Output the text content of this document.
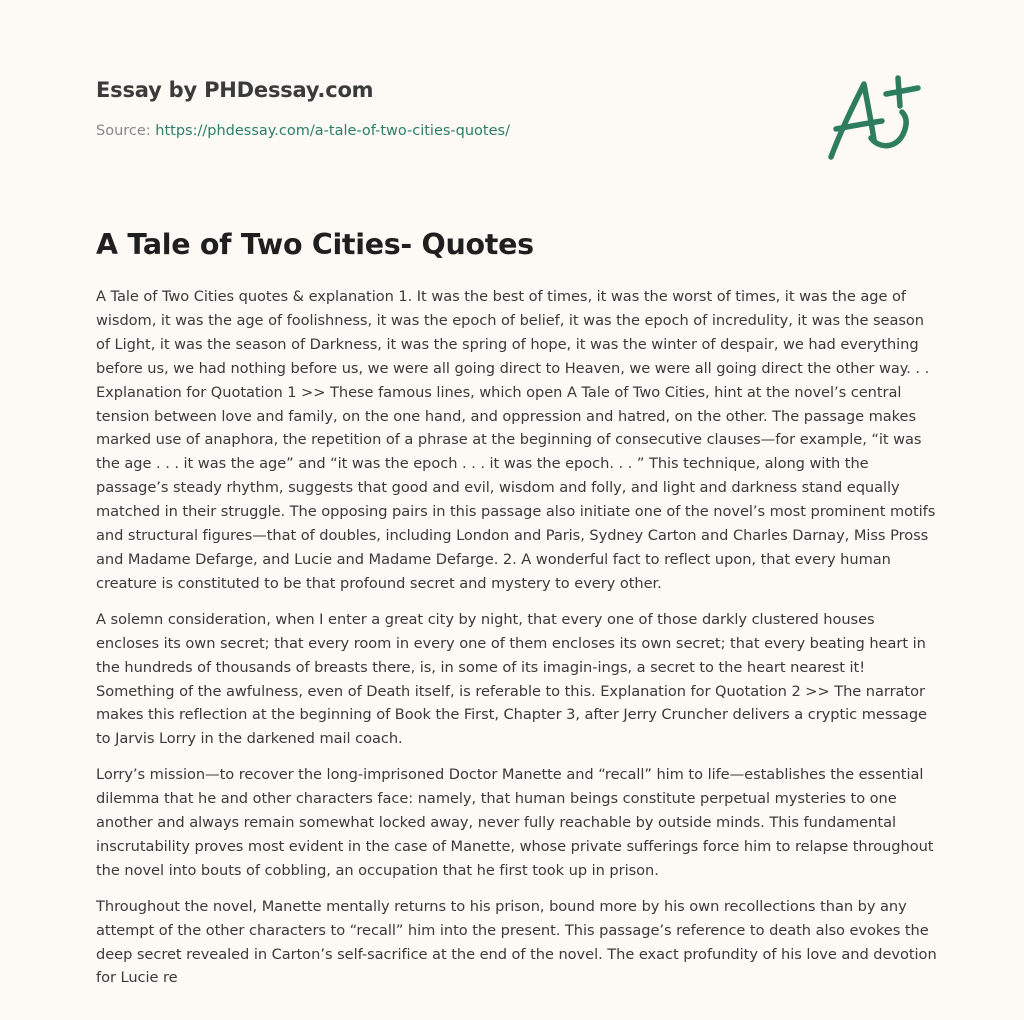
Essay by PHDessay.com
Source: https://phdessay.com/a-tale-of-two-cities-quotes/
A Tale of Two Cities- Quotes

A Tale of Two Cities quotes & explanation 1. It was the best of times, it was the worst of times, it was the age of wisdom, it was the age of foolishness, it was the epoch of belief, it was the epoch of incredulity, it was the season of Light, it was the season of Darkness, it was the spring of hope, it was the winter of despair, we had everything before us, we had nothing before us, we were all going direct to Heaven, we were all going direct the other way. . . Explanation for Quotation 1 >> These famous lines, which open A Tale of Two Cities, hint at the novel’s central tension between love and family, on the one hand, and oppression and hatred, on the other. The passage makes marked use of anaphora, the repetition of a phrase at the beginning of consecutive clauses—for example, “it was the age . . . it was the age” and “it was the epoch . . . it was the epoch. . . ” This technique, along with the passage’s steady rhythm, suggests that good and evil, wisdom and folly, and light and darkness stand equally matched in their struggle. The opposing pairs in this passage also initiate one of the novel’s most prominent motifs and structural figures—that of doubles, including London and Paris, Sydney Carton and Charles Darnay, Miss Pross and Madame Defarge, and Lucie and Madame Defarge. 2. A wonderful fact to reflect upon, that every human creature is constituted to be that profound secret and mystery to every other.

A solemn consideration, when I enter a great city by night, that every one of those darkly clustered houses encloses its own secret; that every room in every one of them encloses its own secret; that every beating heart in the hundreds of thousands of breasts there, is, in some of its imagin-ings, a secret to the heart nearest it! Something of the awfulness, even of Death itself, is referable to this. Explanation for Quotation 2 >> The narrator makes this reflection at the beginning of Book the First, Chapter 3, after Jerry Cruncher delivers a cryptic message to Jarvis Lorry in the darkened mail coach.

Lorry’s mission—to recover the long-imprisoned Doctor Manette and “recall” him to life—establishes the essential dilemma that he and other characters face: namely, that human beings constitute perpetual mysteries to one another and always remain somewhat locked away, never fully reachable by outside minds. This fundamental inscrutability proves most evident in the case of Manette, whose private sufferings force him to relapse throughout the novel into bouts of cobbling, an occupation that he first took up in prison.

Throughout the novel, Manette mentally returns to his prison, bound more by his own recollections than by any attempt of the other characters to “recall” him into the present. This passage’s reference to death also evokes the deep secret revealed in Carton’s self-sacrifice at the end of the novel. The exact profundity of his love and devotion for Lucie re
